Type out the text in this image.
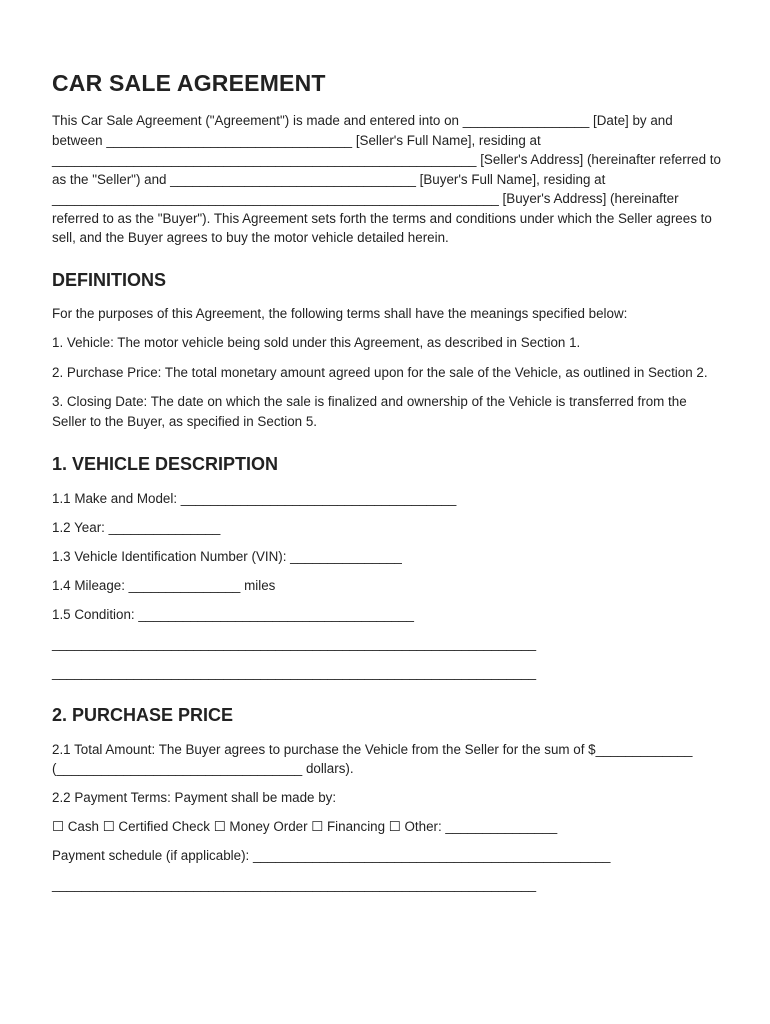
CAR SALE AGREEMENT

This Car Sale Agreement ("Agreement") is made and entered into on _________________ [Date] by and between _________________________________ [Seller's Full Name], residing at _________________________________________________________ [Seller's Address] (hereinafter referred to as the "Seller") and _________________________________ [Buyer's Full Name], residing at ____________________________________________________________ [Buyer's Address] (hereinafter referred to as the "Buyer"). This Agreement sets forth the terms and conditions under which the Seller agrees to sell, and the Buyer agrees to buy the motor vehicle detailed herein.

DEFINITIONS

For the purposes of this Agreement, the following terms shall have the meanings specified below:

1. Vehicle: The motor vehicle being sold under this Agreement, as described in Section 1.

2. Purchase Price: The total monetary amount agreed upon for the sale of the Vehicle, as outlined in Section 2.

3. Closing Date: The date on which the sale is finalized and ownership of the Vehicle is transferred from the Seller to the Buyer, as specified in Section 5.

1. VEHICLE DESCRIPTION

1.1 Make and Model: _____________________________________

1.2 Year: _______________

1.3 Vehicle Identification Number (VIN): _______________

1.4 Mileage: _______________ miles

1.5 Condition: _____________________________________

_________________________________________________________________

_________________________________________________________________

2. PURCHASE PRICE

2.1 Total Amount: The Buyer agrees to purchase the Vehicle from the Seller for the sum of $_____________ (_________________________________ dollars).

2.2 Payment Terms: Payment shall be made by:

☐ Cash ☐ Certified Check ☐ Money Order ☐ Financing ☐ Other: _______________

Payment schedule (if applicable): ________________________________________________

_________________________________________________________________
